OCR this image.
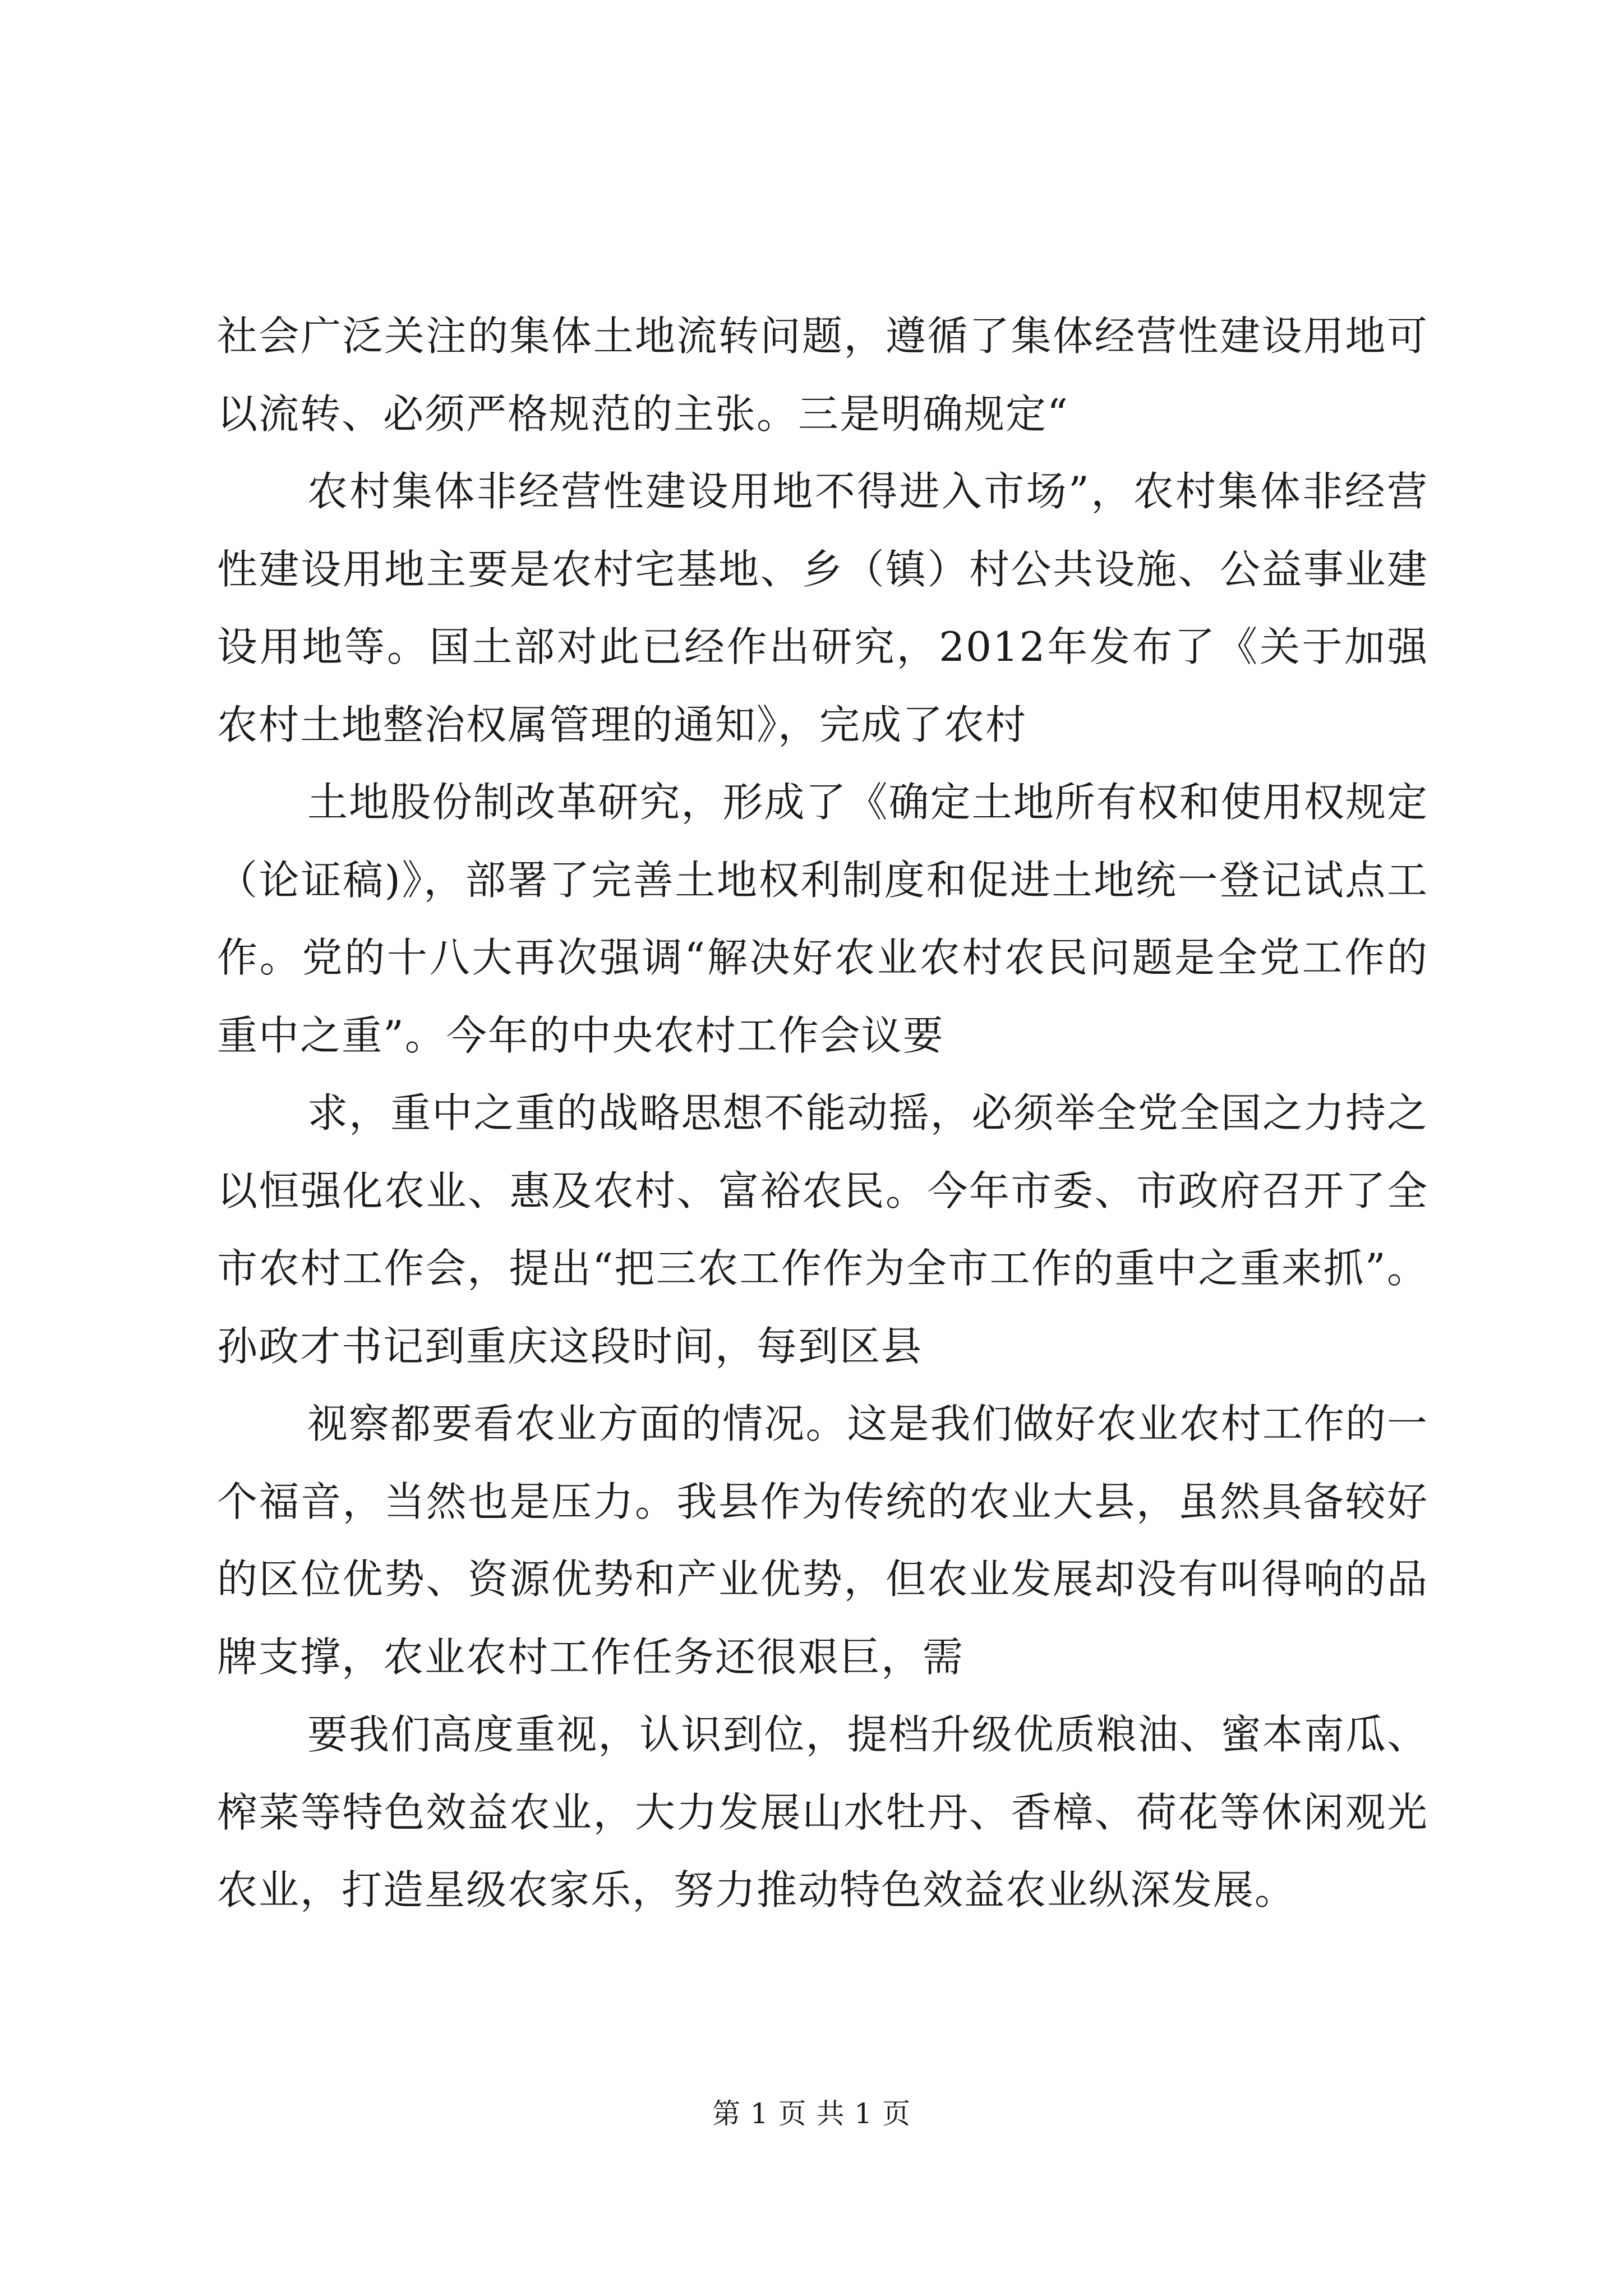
社会广泛关注的集体土地流转问题，遵循了集体经营性建设用地可以流转、必须严格规范的主张。三是明确规定“

农村集体非经营性建设用地不得进入市场”，农村集体非经营性建设用地主要是农村宅基地、乡（镇）村公共设施、公益事业建设用地等。国土部对此已经作出研究，2012年发布了《关于加强农村土地整治权属管理的通知》，完成了农村

土地股份制改革研究，形成了《确定土地所有权和使用权规定（论证稿)》，部署了完善土地权利制度和促进土地统一登记试点工作。党的十八大再次强调“解决好农业农村农民问题是全党工作的重中之重”。今年的中央农村工作会议要

求，重中之重的战略思想不能动摇，必须举全党全国之力持之以恒强化农业、惠及农村、富裕农民。今年市委、市政府召开了全市农村工作会，提出“把三农工作作为全市工作的重中之重来抓”。孙政才书记到重庆这段时间，每到区县

视察都要看农业方面的情况。这是我们做好农业农村工作的一个福音，当然也是压力。我县作为传统的农业大县，虽然具备较好的区位优势、资源优势和产业优势，但农业发展却没有叫得响的品牌支撑，农业农村工作任务还很艰巨，需

要我们高度重视，认识到位，提档升级优质粮油、蜜本南瓜、榨菜等特色效益农业，大力发展山水牡丹、香樟、荷花等休闲观光农业，打造星级农家乐，努力推动特色效益农业纵深发展。

第 1 页 共 1 页
